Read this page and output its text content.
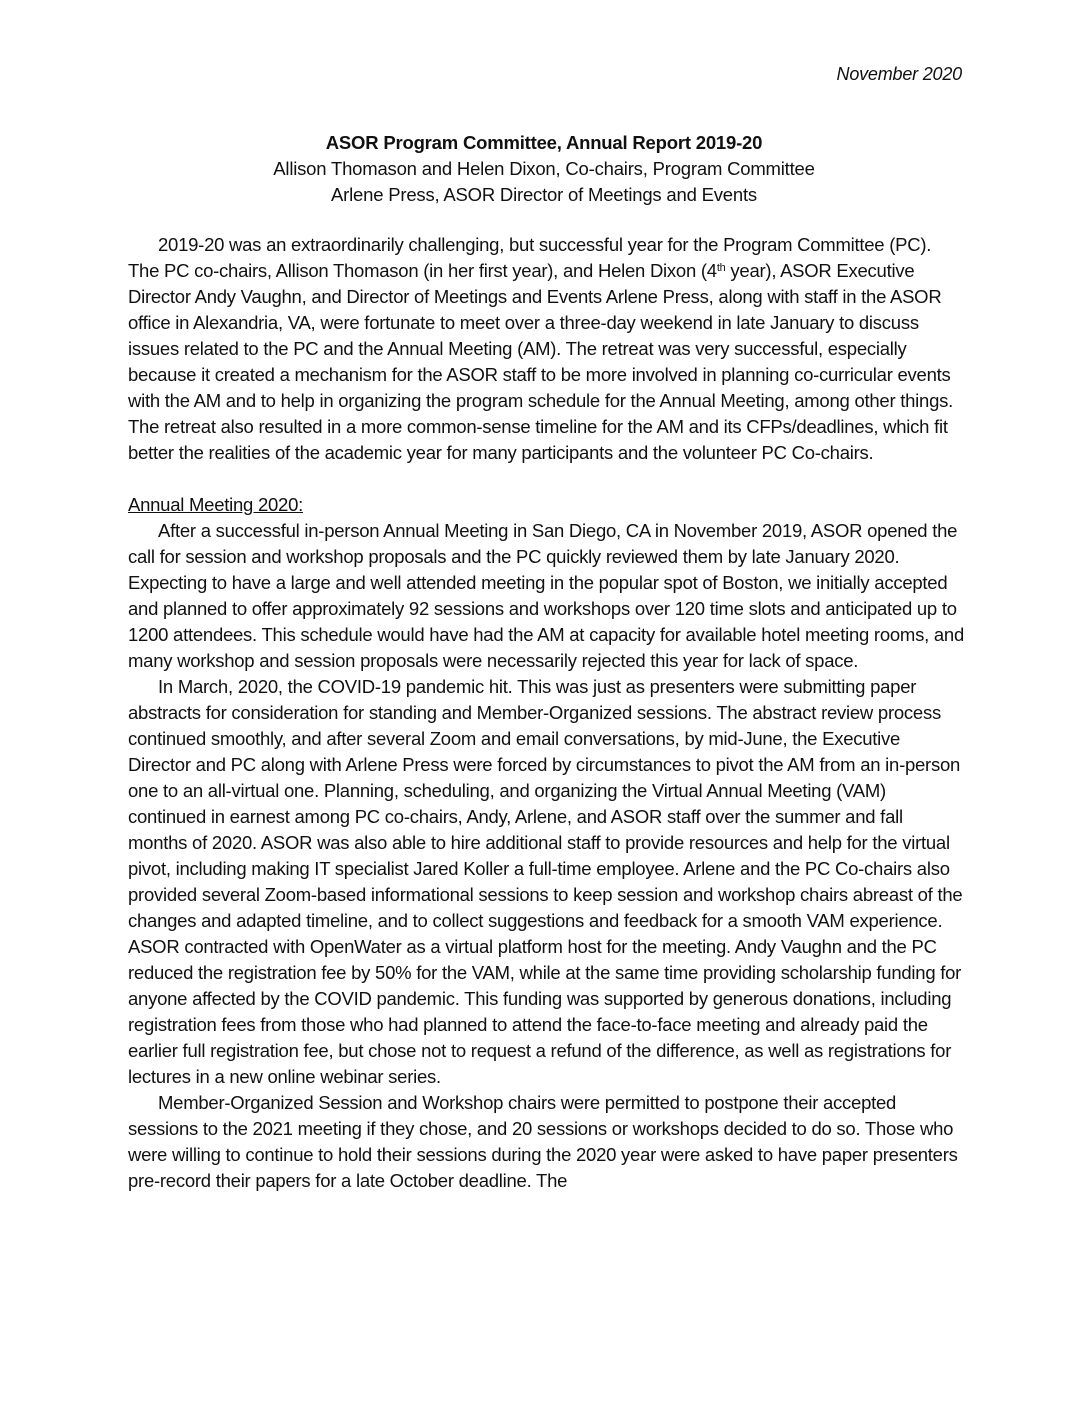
November 2020
ASOR Program Committee, Annual Report 2019-20
Allison Thomason and Helen Dixon, Co-chairs, Program Committee
Arlene Press, ASOR Director of Meetings and Events

2019-20 was an extraordinarily challenging, but successful year for the Program Committee (PC). The PC co-chairs, Allison Thomason (in her first year), and Helen Dixon (4th year), ASOR Executive Director Andy Vaughn, and Director of Meetings and Events Arlene Press, along with staff in the ASOR office in Alexandria, VA, were fortunate to meet over a three-day weekend in late January to discuss issues related to the PC and the Annual Meeting (AM). The retreat was very successful, especially because it created a mechanism for the ASOR staff to be more involved in planning co-curricular events with the AM and to help in organizing the program schedule for the Annual Meeting, among other things. The retreat also resulted in a more common-sense timeline for the AM and its CFPs/deadlines, which fit better the realities of the academic year for many participants and the volunteer PC Co-chairs.

Annual Meeting 2020:

After a successful in-person Annual Meeting in San Diego, CA in November 2019, ASOR opened the call for session and workshop proposals and the PC quickly reviewed them by late January 2020. Expecting to have a large and well attended meeting in the popular spot of Boston, we initially accepted and planned to offer approximately 92 sessions and workshops over 120 time slots and anticipated up to 1200 attendees. This schedule would have had the AM at capacity for available hotel meeting rooms, and many workshop and session proposals were necessarily rejected this year for lack of space.

In March, 2020, the COVID-19 pandemic hit. This was just as presenters were submitting paper abstracts for consideration for standing and Member-Organized sessions. The abstract review process continued smoothly, and after several Zoom and email conversations, by mid-June, the Executive Director and PC along with Arlene Press were forced by circumstances to pivot the AM from an in-person one to an all-virtual one. Planning, scheduling, and organizing the Virtual Annual Meeting (VAM) continued in earnest among PC co-chairs, Andy, Arlene, and ASOR staff over the summer and fall months of 2020. ASOR was also able to hire additional staff to provide resources and help for the virtual pivot, including making IT specialist Jared Koller a full-time employee. Arlene and the PC Co-chairs also provided several Zoom-based informational sessions to keep session and workshop chairs abreast of the changes and adapted timeline, and to collect suggestions and feedback for a smooth VAM experience. ASOR contracted with OpenWater as a virtual platform host for the meeting. Andy Vaughn and the PC reduced the registration fee by 50% for the VAM, while at the same time providing scholarship funding for anyone affected by the COVID pandemic. This funding was supported by generous donations, including registration fees from those who had planned to attend the face-to-face meeting and already paid the earlier full registration fee, but chose not to request a refund of the difference, as well as registrations for lectures in a new online webinar series.

Member-Organized Session and Workshop chairs were permitted to postpone their accepted sessions to the 2021 meeting if they chose, and 20 sessions or workshops decided to do so. Those who were willing to continue to hold their sessions during the 2020 year were asked to have paper presenters pre-record their papers for a late October deadline. The
